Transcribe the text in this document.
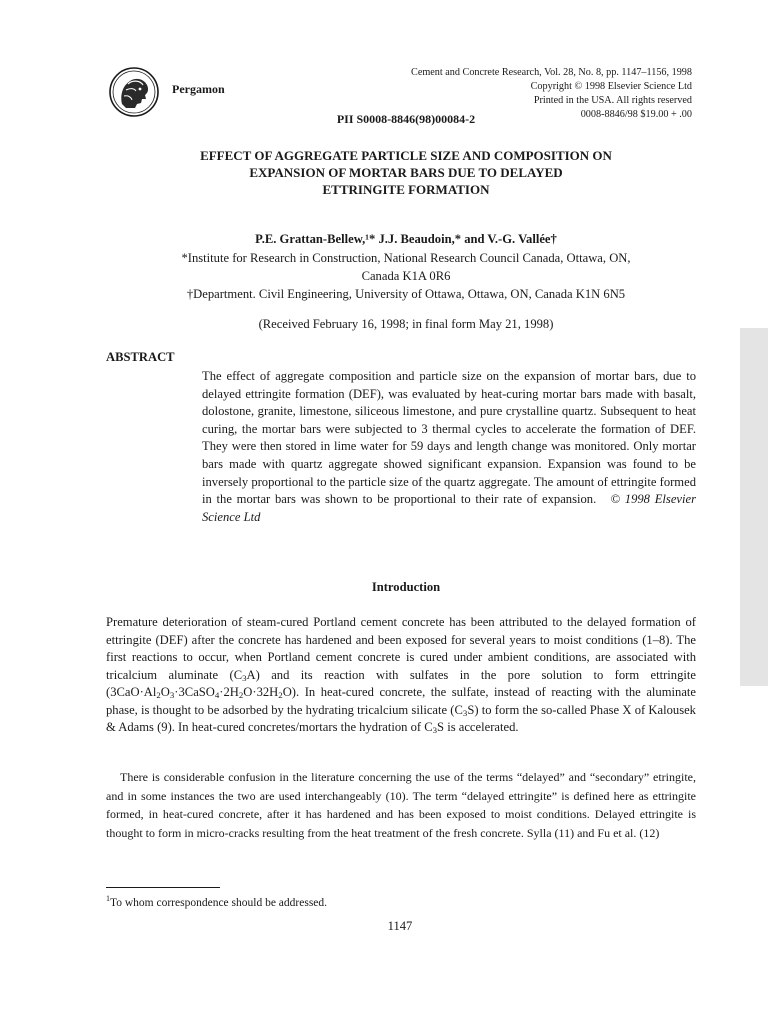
Pergamon
Cement and Concrete Research, Vol. 28, No. 8, pp. 1147–1156, 1998
Copyright © 1998 Elsevier Science Ltd
Printed in the USA. All rights reserved
0008-8846/98 $19.00 + .00
PII S0008-8846(98)00084-2
EFFECT OF AGGREGATE PARTICLE SIZE AND COMPOSITION ON
EXPANSION OF MORTAR BARS DUE TO DELAYED
ETTRINGITE FORMATION
P.E. Grattan-Bellew,¹* J.J. Beaudoin,* and V.-G. Vallée†
*Institute for Research in Construction, National Research Council Canada, Ottawa, ON,
Canada K1A 0R6
†Department. Civil Engineering, University of Ottawa, Ottawa, ON, Canada K1N 6N5
(Received February 16, 1998; in final form May 21, 1998)
ABSTRACT
The effect of aggregate composition and particle size on the expansion of mortar bars, due to delayed ettringite formation (DEF), was evaluated by heat-curing mortar bars made with basalt, dolostone, granite, limestone, siliceous limestone, and pure crystalline quartz. Subsequent to heat curing, the mortar bars were subjected to 3 thermal cycles to accelerate the formation of DEF. They were then stored in lime water for 59 days and length change was monitored. Only mortar bars made with quartz aggregate showed significant expansion. Expansion was found to be inversely proportional to the particle size of the quartz aggregate. The amount of ettringite formed in the mortar bars was shown to be proportional to their rate of expansion. © 1998 Elsevier Science Ltd
Introduction
Premature deterioration of steam-cured Portland cement concrete has been attributed to the delayed formation of ettringite (DEF) after the concrete has hardened and been exposed for several years to moist conditions (1–8). The first reactions to occur, when Portland cement concrete is cured under ambient conditions, are associated with tricalcium aluminate $(C_3A)$ and its reaction with sulfates in the pore solution to form ettringite $(3CaO\cdot Al_2O_3\cdot 3CaSO_4\cdot 2H_2O\cdot 32H_2O)$. In heat-cured concrete, the sulfate, instead of reacting with the aluminate phase, is thought to be adsorbed by the hydrating tricalcium silicate $(C_3S)$ to form the so-called Phase X of Kalousek & Adams (9). In heat-cured concretes/mortars the hydration of $C_3S$ is accelerated.
There is considerable confusion in the literature concerning the use of the terms “delayed” and “secondary” etringite, and in some instances the two are used interchangeably (10). The term “delayed ettringite” is defined here as ettringite formed, in heat-cured concrete, after it has hardened and has been exposed to moist conditions. Delayed ettringite is thought to form in micro-cracks resulting from the heat treatment of the fresh concrete. Sylla (11) and Fu et al. (12)
$^1$To whom correspondence should be addressed.
1147
